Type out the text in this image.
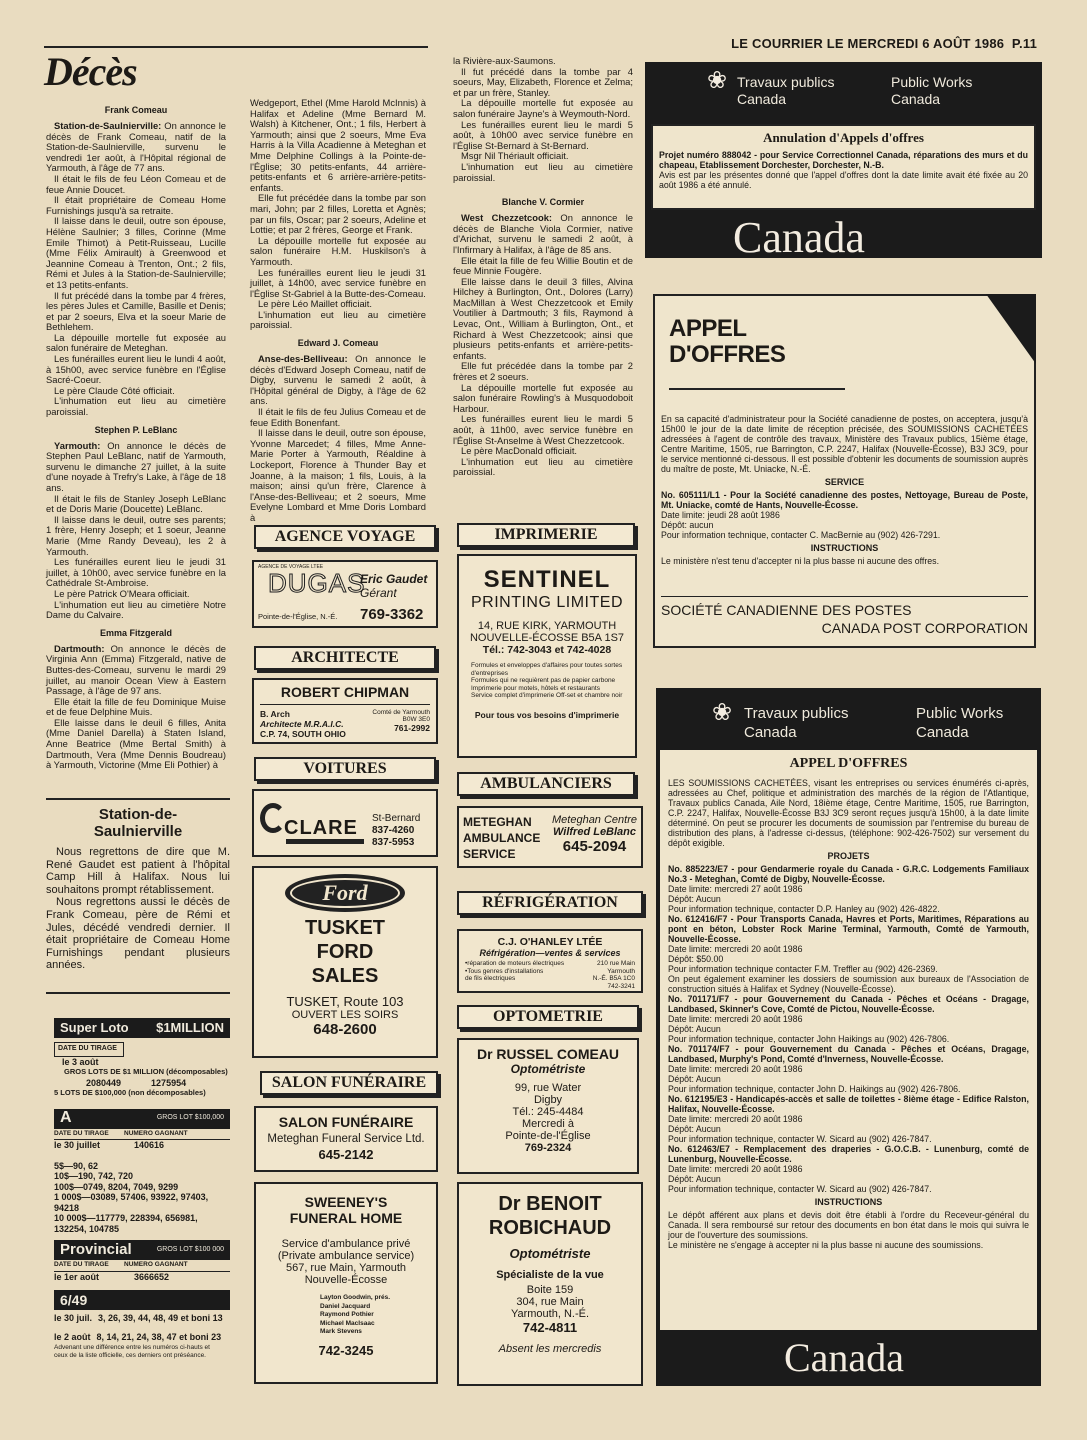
LE COURRIER LE MERCREDI 6 AOÛT 1986 P.11
Décès
Frank Comeau

Station-de-Saulnierville: On annonce le décès de Frank Comeau, natif de la Station-de-Saulnierville, survenu le vendredi 1er août, à l'Hôpital régional de Yarmouth, à l'âge de 77 ans.

Il était le fils de feu Léon Comeau et de feue Annie Doucet.

Il était propriétaire de Comeau Home Furnishings jusqu'à sa retraite.

Il laisse dans le deuil, outre son épouse, Hélène Saulnier; 3 filles, Corinne (Mme Emile Thimot) à Petit-Ruisseau, Lucille (Mme Félix Amirault) à Greenwood et Jeannine Comeau à Trenton, Ont.; 2 fils, Rémi et Jules à la Station-de-Saulnierville; et 13 petits-enfants.

Il fut précédé dans la tombe par 4 frères, les pères Jules et Camille, Basille et Denis; et par 2 soeurs, Elva et la soeur Marie de Bethlehem.

La dépouille mortelle fut exposée au salon funéraire de Meteghan.

Les funérailles eurent lieu le lundi 4 août, à 15h00, avec service funèbre en l'Église Sacré-Coeur.

Le père Claude Côté officiait.

L'inhumation eut lieu au cimetière paroissial.

Stephen P. LeBlanc

Yarmouth: On annonce le décès de Stephen Paul LeBlanc, natif de Yarmouth, survenu le dimanche 27 juillet, à la suite d'une noyade à Trefry's Lake, à l'âge de 18 ans.

Il était le fils de Stanley Joseph LeBlanc et de Doris Marie (Doucette) LeBlanc.

Il laisse dans le deuil, outre ses parents; 1 frère, Henry Joseph; et 1 soeur, Jeanne Marie (Mme Randy Deveau), les 2 à Yarmouth.

Les funérailles eurent lieu le jeudi 31 juillet, à 10h00, avec service funèbre en la Cathédrale St-Ambroise.

Le père Patrick O'Meara officiait.

L'inhumation eut lieu au cimetière Notre Dame du Calvaire.

Emma Fitzgerald

Dartmouth: On annonce le décès de Virginia Ann (Emma) Fitzgerald, native de Buttes-des-Comeau, survenu le mardi 29 juillet, au manoir Ocean View à Eastern Passage, à l'âge de 97 ans.

Elle était la fille de feu Dominique Muise et de feue Delphine Muis.

Elle laisse dans le deuil 6 filles, Anita (Mme Daniel Darella) à Staten Island, Anne Beatrice (Mme Bertal Smith) à Dartmouth, Vera (Mme Dennis Boudreau) à Yarmouth, Victorine (Mme Eli Pothier) à

Station-de-
Saulnierville

Nous regrettons de dire que M. René Gaudet est patient à l'hôpital Camp Hill à Halifax. Nous lui souhaitons prompt rétablissement.

Nous regrettons aussi le décès de Frank Comeau, père de Rémi et Jules, décédé vendredi dernier. Il était propriétaire de Comeau Home Furnishings pendant plusieurs années.

Super Loto $1MILLION
DATE DU TIRAGE
le 3 août
GROS LOTS DE $1 MILLION (décomposables)
2080449	1275954
5 LOTS DE $100,000 (non décomposables)
A	GROS LOT $100,000
DATE DU TIRAGE	NUMERO GAGNANT
le 30 juillet	140616
5$—90, 62
10$—190, 742, 720
100$—0749, 8204, 7049, 9299
1 000$—03089, 57406, 93922, 97403, 94218
10 000$—117779, 228394, 656981, 132254, 104785
Provincial	GROS LOT $100 000
DATE DU TIRAGE	NUMERO GAGNANT
le 1er août	3666652
6/49
le 30 juil. 3, 26, 39, 44, 48, 49 et boni 13
le 2 août 8, 14, 21, 24, 38, 47 et boni 23
Advenant une différence entre les numéros ci-hauts et ceux de la liste officielle, ces derniers ont préséance.

Wedgeport, Ethel (Mme Harold McInnis) à Halifax et Adeline (Mme Bernard M. Walsh) à Kitchener, Ont.; 1 fils, Herbert à Yarmouth; ainsi que 2 soeurs, Mme Eva Harris à la Villa Acadienne à Meteghan et Mme Delphine Collings à la Pointe-de-l'Église; 30 petits-enfants, 44 arrière-petits-enfants et 6 arrière-arrière-petits-enfants.

Elle fut précédée dans la tombe par son mari, John; par 2 filles, Loretta et Agnès; par un fils, Oscar; par 2 soeurs, Adeline et Lottie; et par 2 frères, George et Frank.

La dépouille mortelle fut exposée au salon funéraire H.M. Huskilson's à Yarmouth.

Les funérailles eurent lieu le jeudi 31 juillet, à 14h00, avec service funèbre en l'Église St-Gabriel à la Butte-des-Comeau.

Le père Léo Maillet officiait.

L'inhumation eut lieu au cimetière paroissial.

Edward J. Comeau

Anse-des-Belliveau: On annonce le décès d'Edward Joseph Comeau, natif de Digby, survenu le samedi 2 août, à l'Hôpital général de Digby, à l'âge de 62 ans.

Il était le fils de feu Julius Comeau et de feue Edith Bonenfant.

Il laisse dans le deuil, outre son épouse, Yvonne Marcedet; 4 filles, Mme Anne-Marie Porter à Yarmouth, Réaldine à Lockeport, Florence à Thunder Bay et Joanne, à la maison; 1 fils, Louis, à la maison; ainsi qu'un frère, Clarence à l'Anse-des-Belliveau; et 2 soeurs, Mme Evelyne Lombard et Mme Doris Lombard à

AGENCE VOYAGE
AGENCE DE VOYAGE LTEE
DUGAS
Eric Gaudet
Gérant
Pointe-de-l'Église, N.-É. 769-3362
ARCHITECTE
ROBERT CHIPMAN
B. Arch
Architecte M.R.A.I.C.
C.P. 74, SOUTH OHIO
Comté de Yarmouth
B0W 3E0
761-2992
VOITURES
CLARE St-Bernard
837-4260
837-5953
Ford
TUSKET
FORD
SALES
TUSKET, Route 103
OUVERT LES SOIRS
648-2600
SALON FUNÉRAIRE
SALON FUNÉRAIRE
Meteghan Funeral Service Ltd.
645-2142
SWEENEY'S
FUNERAL HOME
Service d'ambulance privé
(Private ambulance service)
567, rue Main, Yarmouth
Nouvelle-Écosse
Layton Goodwin, prés.
Daniel Jacquard
Raymond Pothier
Michael MacIsaac
Mark Stevens
742-3245

la Rivière-aux-Saumons.

Il fut précédé dans la tombe par 4 soeurs, May, Elizabeth, Florence et Zelma; et par un frère, Stanley.

La dépouille mortelle fut exposée au salon funéraire Jayne's à Weymouth-Nord.

Les funérailles eurent lieu le mardi 5 août, à 10h00 avec service funèbre en l'Église St-Bernard à St-Bernard.

Msgr Nil Thériault officiait.

L'inhumation eut lieu au cimetière paroissial.

Blanche V. Cormier

West Chezzetcook: On annonce le décès de Blanche Viola Cormier, native d'Arichat, survenu le samedi 2 août, à l'Infirmary à Halifax, à l'âge de 85 ans.

Elle était la fille de feu Willie Boutin et de feue Minnie Fougère.

Elle laisse dans le deuil 3 filles, Alvina Hilchey à Burlington, Ont., Dolores (Larry) MacMillan à West Chezzetcook et Emily Voutilier à Dartmouth; 3 fils, Raymond à Levac, Ont., William à Burlington, Ont., et Richard à West Chezzetcook; ainsi que plusieurs petits-enfants et arrière-petits-enfants.

Elle fut précédée dans la tombe par 2 frères et 2 soeurs.

La dépouille mortelle fut exposée au salon funéraire Rowling's à Musquodoboit Harbour.

Les funérailles eurent lieu le mardi 5 août, à 11h00, avec service funèbre en l'Église St-Anselme à West Chezzetcook.

Le père MacDonald officiait.

L'inhumation eut lieu au cimetière paroissial.

IMPRIMERIE
SENTINEL
PRINTING LIMITED
14, RUE KIRK, YARMOUTH
NOUVELLE-ÉCOSSE B5A 1S7
Tél.: 742-3043 et 742-4028
Formules et enveloppes d'affaires pour toutes sortes d'entreprises
Formules qui ne requièrent pas de papier carbone
Imprimerie pour motels, hôtels et restaurants
Service complet d'imprimerie Off-set et chambre noir
Pour tous vos besoins d'imprimerie
AMBULANCIERS
METEGHAN
AMBULANCE
SERVICE
Meteghan Centre
Wilfred LeBlanc
645-2094
RÉFRIGÉRATION
C.J. O'HANLEY LTÉE
Réfrigération—ventes & services
•réparation de moteurs électriques
•Tous genres d'installations
de fils électriques
210 rue Main
Yarmouth
N.-É. B5A 1C0
742-3241
OPTOMETRIE
Dr RUSSEL COMEAU
Optométriste
99, rue Water
Digby
Tél.: 245-4484
Mercredi à
Pointe-de-l'Église
769-2324
Dr BENOIT
ROBICHAUD
Optométriste
Spécialiste de la vue
Boite 159
304, rue Main
Yarmouth, N.-É.
742-4811
Absent les mercredis
❀
Travaux publics
Canada
Public Works
Canada
Annulation d'Appels d'offres

Projet numéro 888042 - pour Service Correctionnel Canada, réparations des murs et du chapeau, Etablissement Dorchester, Dorchester, N.-B.

Avis est par les présentes donné que l'appel d'offres dont la date limite avait été fixée au 20 août 1986 a été annulé.

Canada
APPEL
D'OFFRES

En sa capacité d'administrateur pour la Société canadienne de postes, on acceptera, jusqu'à 15h00 le jour de la date limite de réception précisée, des SOUMISSIONS CACHETÉES adressées à l'agent de contrôle des travaux, Ministère des Travaux publics, 15ième étage, Centre Maritime, 1505, rue Barrington, C.P. 2247, Halifax (Nouvelle-Écosse), B3J 3C9, pour le service mentionné ci-dessous. Il est possible d'obtenir les documents de soumission auprès du maître de poste, Mt. Uniacke, N.-É.

SERVICE

No. 605111/L1 - Pour la Société canadienne des postes, Nettoyage, Bureau de Poste, Mt. Uniacke, comté de Hants, Nouvelle-Écosse.

Date limite: jeudi 28 août 1986

Dépôt: aucun

Pour information technique, contacter C. MacBernie au (902) 426-7291.

INSTRUCTIONS

Le ministère n'est tenu d'accepter ni la plus basse ni aucune des offres.

SOCIÉTÉ CANADIENNE DES POSTES
CANADA POST CORPORATION
❀
Travaux publics
Canada
Public Works
Canada
APPEL D'OFFRES

LES SOUMISSIONS CACHETÉES, visant les entreprises ou services énumérés ci-après, adressées au Chef, politique et administration des marchés de la région de l'Atlantique, Travaux publics Canada, Aile Nord, 18ième étage, Centre Maritime, 1505, rue Barrington, C.P. 2247, Halifax, Nouvelle-Écosse B3J 3C9 seront reçues jusqu'à 15h00, à la date limite déterminé. On peut se procurer les documents de soumission par l'entremise du bureau de distribution des plans, à l'adresse ci-dessus, (téléphone: 902-426-7502) sur versement du dépôt exigible.

PROJETS

No. 885223/E7 - pour Gendarmerie royale du Canada - G.R.C. Lodgements Familiaux No.3 - Meteghan, Comté de Digby, Nouvelle-Écosse.

Date limite: mercredi 27 août 1986

Dépôt: Aucun

Pour information technique, contacter D.P. Hanley au (902) 426-4822.

No. 612416/F7 - Pour Transports Canada, Havres et Ports, Maritimes, Réparations au pont en béton, Lobster Rock Marine Terminal, Yarmouth, Comté de Yarmouth, Nouvelle-Écosse.

Date limite: mercredi 20 août 1986

Dépôt: $50.00

Pour information technique contacter F.M. Treffler au (902) 426-2369.

On peut également examiner les dossiers de soumission aux bureaux de l'Association de construction situés à Halifax et Sydney (Nouvelle-Écosse).

No. 701171/F7 - pour Gouvernement du Canada - Pêches et Océans - Dragage, Landbased, Skinner's Cove, Comté de Pictou, Nouvelle-Écosse.

Date limite: mercredi 20 août 1986

Dépôt: Aucun

Pour information technique, contacter John Haikings au (902) 426-7806.

No. 701174/F7 - pour Gouvernement du Canada - Pêches et Océans, Dragage, Landbased, Murphy's Pond, Comté d'Inverness, Nouvelle-Écosse.

Date limite: mercredi 20 août 1986

Dépôt: Aucun

Pour information technique, contacter John D. Haikings au (902) 426-7806.

No. 612195/E3 - Handicapés-accès et salle de toilettes - 8ième étage - Edifice Ralston, Halifax, Nouvelle-Écosse.

Date limite: mercredi 20 août 1986

Dépôt: Aucun

Pour information technique, contacter W. Sicard au (902) 426-7847.

No. 612463/E7 - Remplacement des draperies - G.O.C.B. - Lunenburg, comté de Lunenburg, Nouvelle-Écosse.

Date limite: mercredi 20 août 1986

Dépôt: Aucun

Pour information technique, contacter W. Sicard au (902) 426-7847.

INSTRUCTIONS

Le dépôt afférent aux plans et devis doit être établi à l'ordre du Receveur-général du Canada. Il sera remboursé sur retour des documents en bon état dans le mois qui suivra le jour de l'ouverture des soumissions.

Le ministère ne s'engage à accepter ni la plus basse ni aucune des soumissions.

Canada
